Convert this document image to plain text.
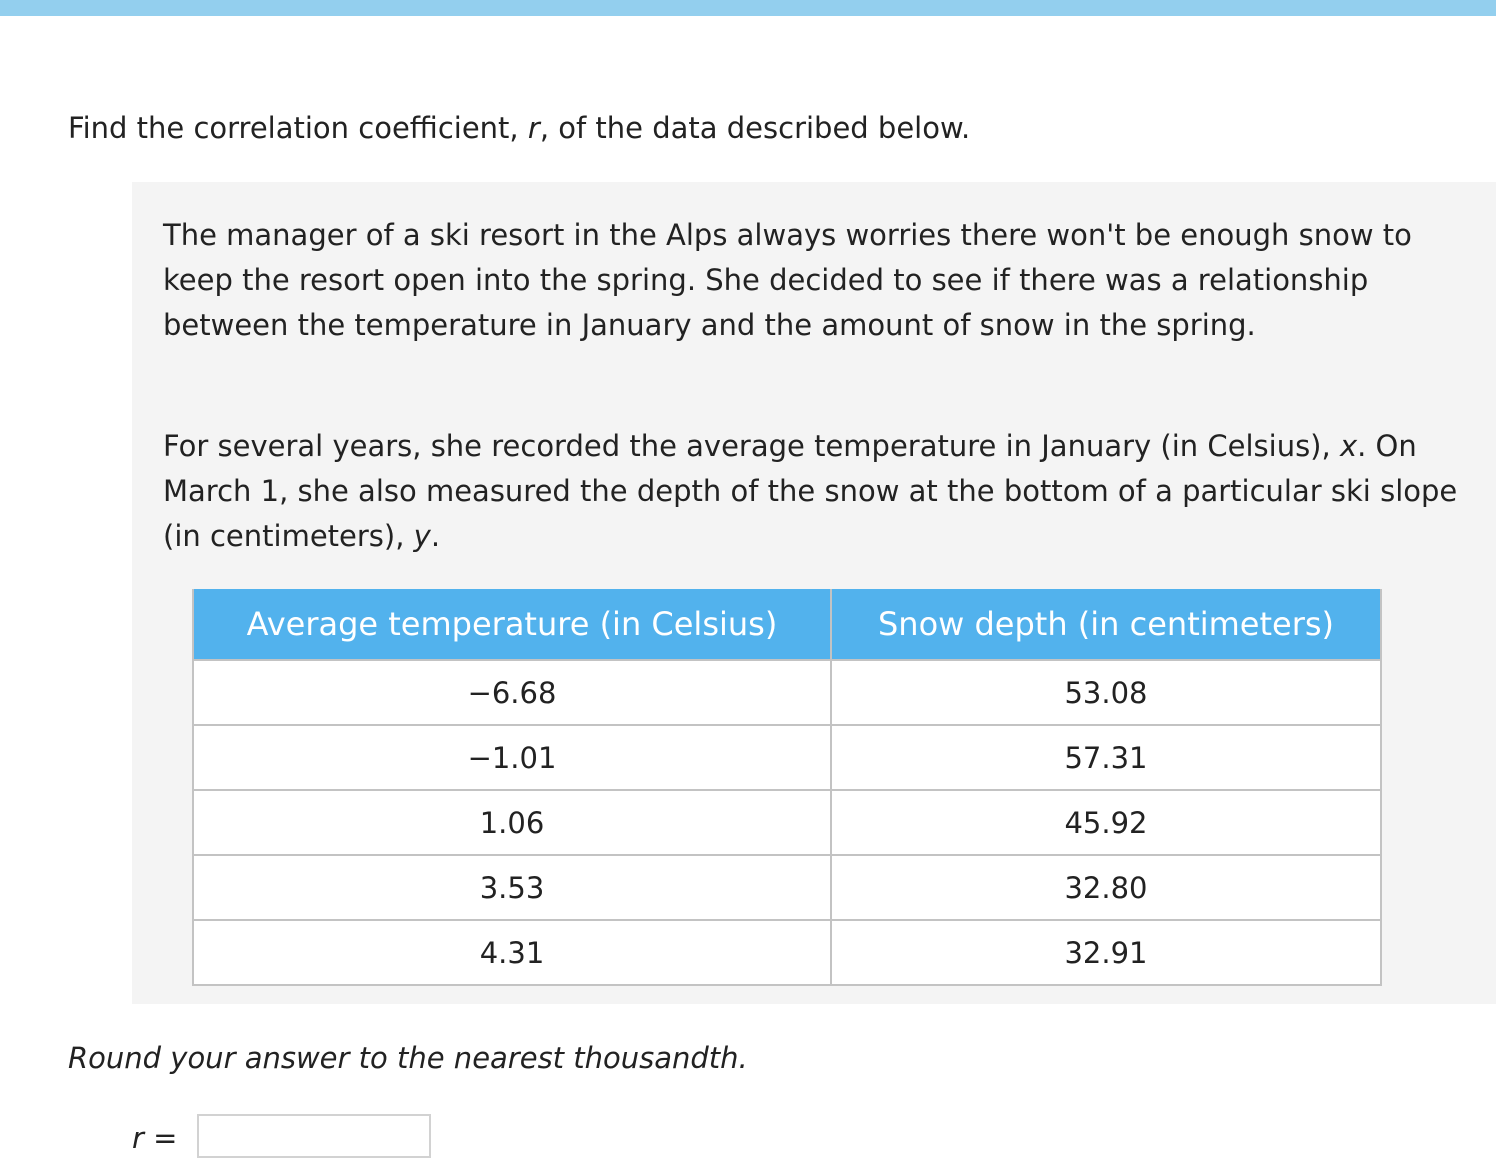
Find the correlation coefficient, r, of the data described below.

The manager of a ski resort in the Alps always worries there won't be enough snow to keep the resort open into the spring. She decided to see if there was a relationship between the temperature in January and the amount of snow in the spring.

For several years, she recorded the average temperature in January (in Celsius), x. On March 1, she also measured the depth of the snow at the bottom of a particular ski slope (in centimeters), y.

Average temperature (in Celsius)	Snow depth (in centimeters)
−6.68	53.08
−1.01	57.31
1.06	45.92
3.53	32.80
4.31	32.91
Round your answer to the nearest thousandth.
r =
